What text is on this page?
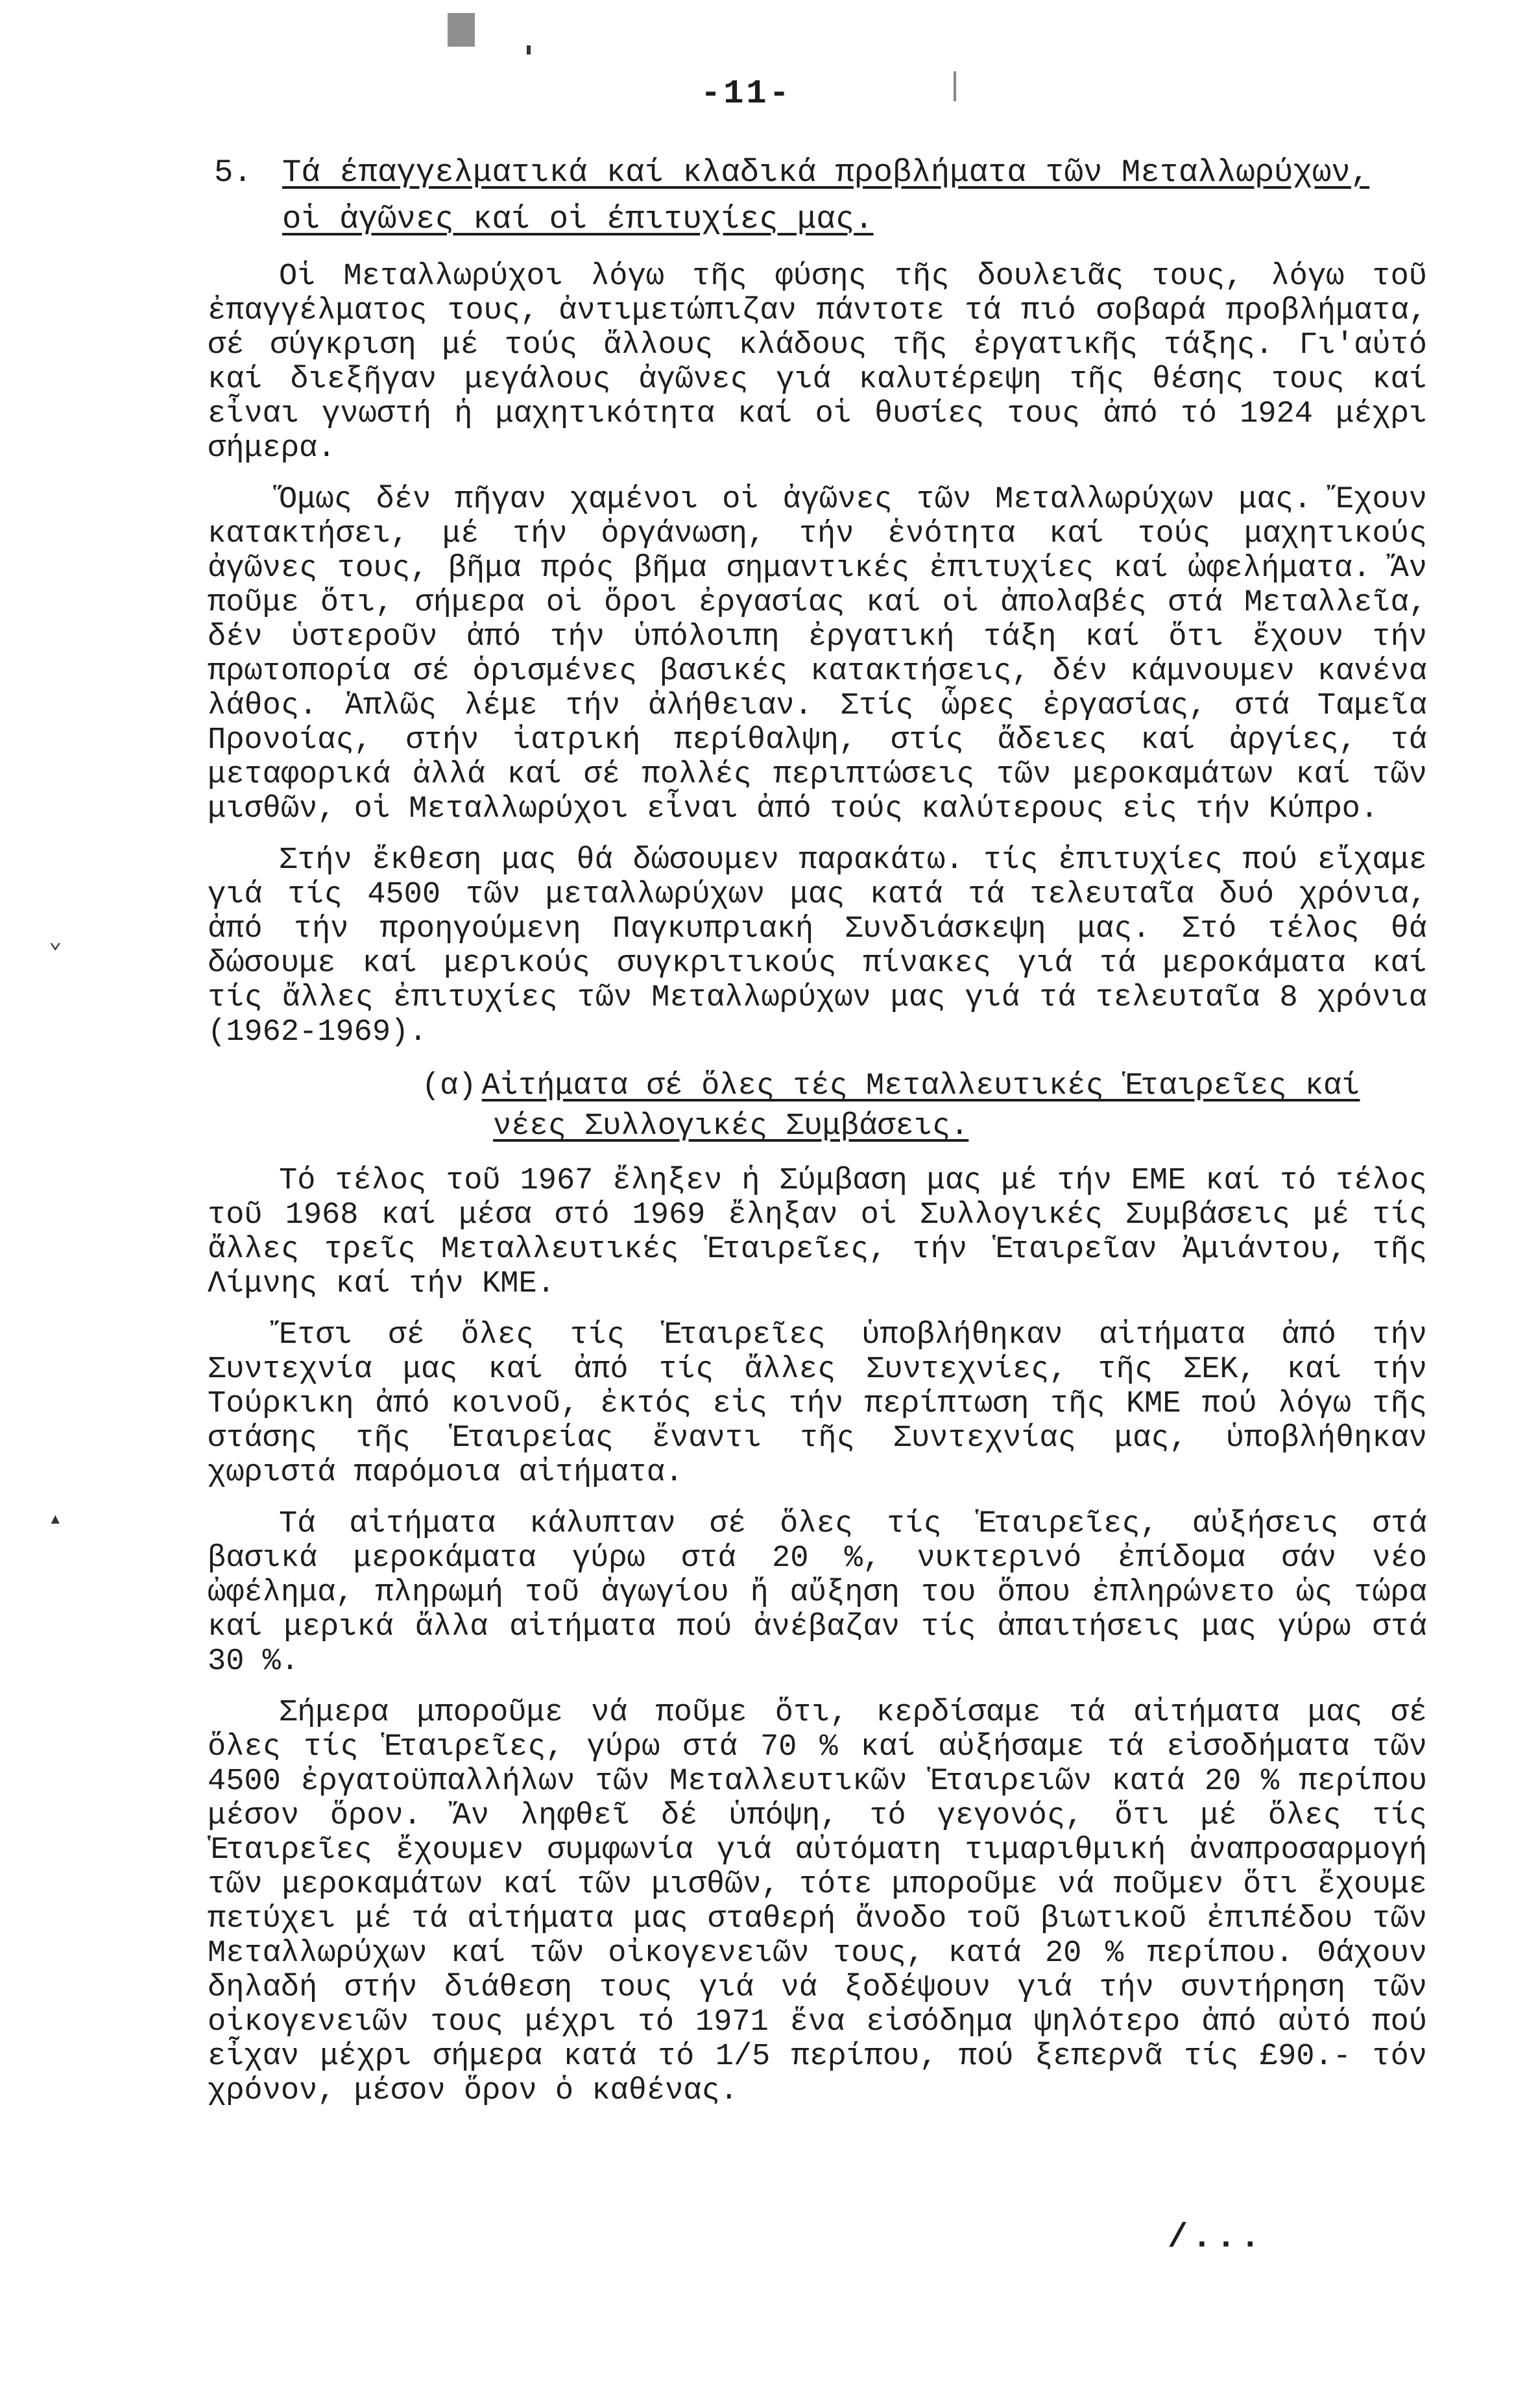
-11-
5. Τά έπαγγελματικά καί κλαδικά προβλήματα τῶν Μεταλλωρύχων,
οἱ ἀγῶνες καί οἱ έπιτυχίες μας.

Οἱ Μεταλλωρύχοι λόγω τῆς φύσης τῆς δουλειᾶς τους, λόγω τοῦ ἐπαγγέλματος τους, ἀντιμετώπιζαν πάντοτε τά πιό σοβαρά προβλήματα, σέ σύγκριση μέ τούς ἄλλους κλάδους τῆς ἐργατικῆς τάξης. Γι'αὐτό καί διεξῆγαν μεγάλους ἀγῶνες γιά καλυτέρεψη τῆς θέσης τους καί εἶναι γνωστή ἡ μαχητικότητα καί οἱ θυσίες τους ἀπό τό 1924 μέχρι σήμερα.

Ὅμως δέν πῆγαν χαμένοι οἱ ἀγῶνες τῶν Μεταλλωρύχων μας. Ἔχουν κατακτήσει, μέ τήν ὀργάνωση, τήν ἑνότητα καί τούς μαχητικούς ἀγῶνες τους, βῆμα πρός βῆμα σημαντικές ἐπιτυχίες καί ὠφελήματα. Ἄν ποῦμε ὅτι, σήμερα οἱ ὅροι ἐργασίας καί οἱ ἀπολαβές στά Μεταλλεῖα, δέν ὑστεροῦν ἀπό τήν ὑπόλοιπη ἐργατική τάξη καί ὅτι ἔχουν τήν πρωτοπορία σέ ὁρισμένες βασικές κατακτήσεις, δέν κάμνουμεν κανένα λάθος. Ἁπλῶς λέμε τήν ἀλήθειαν. Στίς ὧρες ἐργασίας, στά Ταμεῖα Προνοίας, στήν ἰατρική περίθαλψη, στίς ἄδειες καί ἀργίες, τά μεταφορικά ἀλλά καί σέ πολλές περιπτώσεις τῶν μεροκαμάτων καί τῶν μισθῶν, οἱ Μεταλλωρύχοι εἶναι ἀπό τούς καλύτερους εἰς τήν Κύπρο.

Στήν ἔκθεση μας θά δώσουμεν παρακάτω. τίς ἐπιτυχίες πού εἴχαμε γιά τίς 4500 τῶν μεταλλωρύχων μας κατά τά τελευταῖα δυό χρόνια, ἀπό τήν προηγούμενη Παγκυπριακή Συνδιάσκεψη μας. Στό τέλος θά δώσουμε καί μερικούς συγκριτικούς πίνακες γιά τά μεροκάματα καί τίς ἄλλες ἐπιτυχίες τῶν Μεταλλωρύχων μας γιά τά τελευταῖα 8 χρόνια (1962-1969).

(α) Αἰτήματα σέ ὅλες τές Μεταλλευτικές Ἑταιρεῖες καί
νέες Συλλογικές Συμβάσεις.

Τό τέλος τοῦ 1967 ἔληξεν ἡ Σύμβαση μας μέ τήν ΕΜΕ καί τό τέλος τοῦ 1968 καί μέσα στό 1969 ἔληξαν οἱ Συλλογικές Συμβάσεις μέ τίς ἄλλες τρεῖς Μεταλλευτικές Ἑταιρεῖες, τήν Ἑταιρεῖαν Ἀμιάντου, τῆς Λίμνης καί τήν ΚΜΕ.

Ἔτσι σέ ὅλες τίς Ἑταιρεῖες ὑποβλήθηκαν αἰτήματα ἀπό τήν Συντεχνία μας καί ἀπό τίς ἄλλες Συντεχνίες, τῆς ΣΕΚ, καί τήν Τούρκικη ἀπό κοινοῦ, ἐκτός εἰς τήν περίπτωση τῆς ΚΜΕ πού λόγω τῆς στάσης τῆς Ἑταιρείας ἔναντι τῆς Συντεχνίας μας, ὑποβλήθηκαν χωριστά παρόμοια αἰτήματα.

Τά αἰτήματα κάλυπταν σέ ὅλες τίς Ἑταιρεῖες, αὐξήσεις στά βασικά μεροκάματα γύρω στά 20 %, νυκτερινό ἐπίδομα σάν νέο ὠφέλημα, πληρωμή τοῦ ἀγωγίου ἤ αὔξηση του ὅπου ἐπληρώνετο ὡς τώρα καί μερικά ἄλλα αἰτήματα πού ἀνέβαζαν τίς ἀπαιτήσεις μας γύρω στά 30 %.

Σήμερα μποροῦμε νά ποῦμε ὅτι, κερδίσαμε τά αἰτήματα μας σέ ὅλες τίς Ἑταιρεῖες, γύρω στά 70 % καί αὐξήσαμε τά εἰσοδήματα τῶν 4500 ἐργατοϋπαλλήλων τῶν Μεταλλευτικῶν Ἑταιρειῶν κατά 20 % περίπου μέσον ὅρον. Ἄν ληφθεῖ δέ ὑπόψη, τό γεγονός, ὅτι μέ ὅλες τίς Ἑταιρεῖες ἔχουμεν συμφωνία γιά αὐτόματη τιμαριθμική ἀναπροσαρμογή τῶν μεροκαμάτων καί τῶν μισθῶν, τότε μποροῦμε νά ποῦμεν ὅτι ἔχουμε πετύχει μέ τά αἰτήματα μας σταθερή ἄνοδο τοῦ βιωτικοῦ ἐπιπέδου τῶν Μεταλλωρύχων καί τῶν οἰκογενειῶν τους, κατά 20 % περίπου. Θάχουν δηλαδή στήν διάθεση τους γιά νά ξοδέψουν γιά τήν συντήρηση τῶν οἰκογενειῶν τους μέχρι τό 1971 ἕνα εἰσόδημα ψηλότερο ἀπό αὐτό πού εἶχαν μέχρι σήμερα κατά τό 1/5 περίπου, πού ξεπερνᾶ τίς £90.- τόν χρόνον, μέσον ὅρον ὁ καθένας.

⌄
▴
/...
